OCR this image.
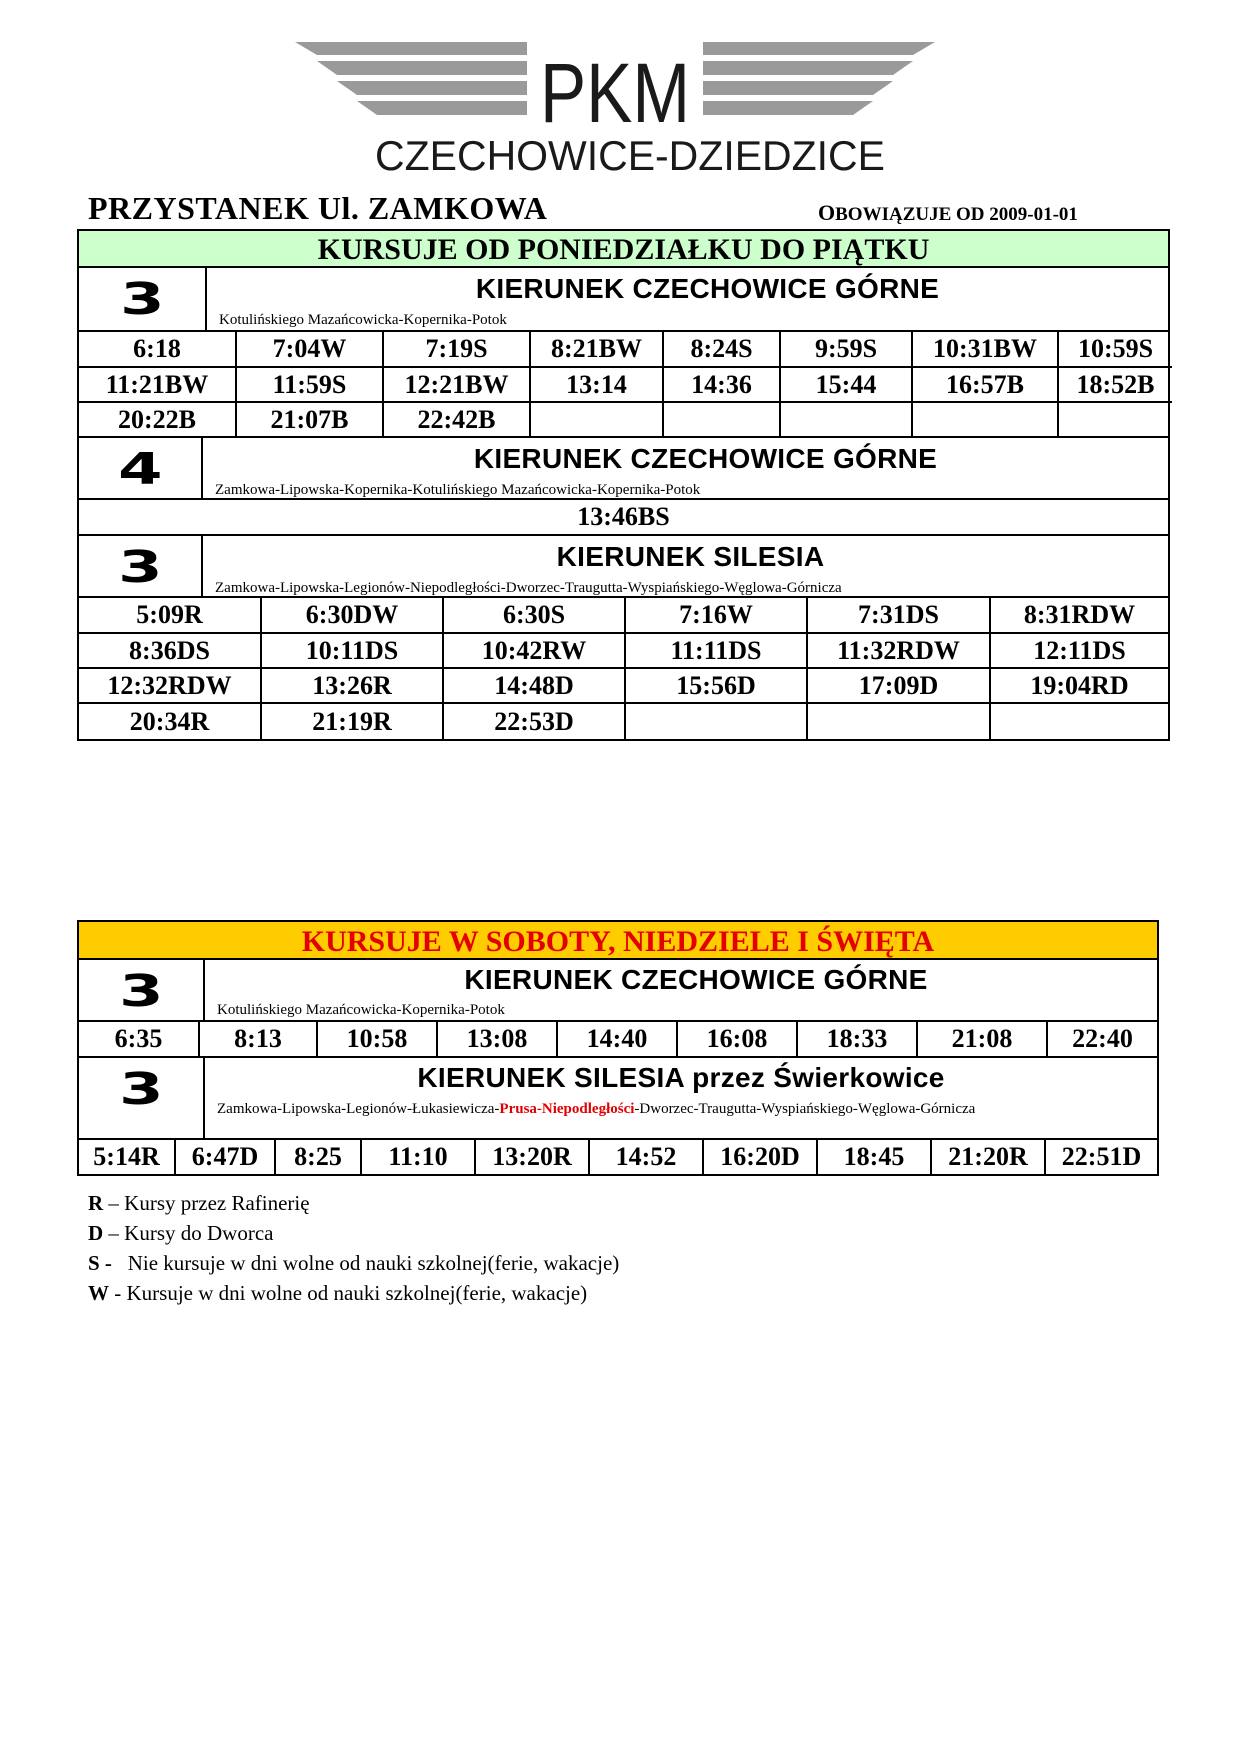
PKM
CZECHOWICE-DZIEDZICE
PRZYSTANEK Ul. ZAMKOWA	OBOWIĄZUJE OD 2009-01-01
KURSUJE OD PONIEDZIAŁKU DO PIĄTKU
3	KIERUNEK CZECHOWICE GÓRNE
Kotulińskiego Mazańcowicka-Kopernika-Potok
6:18	7:04W	7:19S	8:21BW	8:24S	9:59S	10:31BW	10:59S
11:21BW	11:59S	12:21BW	13:14	14:36	15:44	16:57B	18:52B
20:22B	21:07B	22:42B					
4	KIERUNEK CZECHOWICE GÓRNE
Zamkowa-Lipowska-Kopernika-Kotulińskiego Mazańcowicka-Kopernika-Potok
13:46BS
3	KIERUNEK SILESIA
Zamkowa-Lipowska-Legionów-Niepodległości-Dworzec-Traugutta-Wyspiańskiego-Węglowa-Górnicza
5:09R	6:30DW	6:30S	7:16W	7:31DS	8:31RDW
8:36DS	10:11DS	10:42RW	11:11DS	11:32RDW	12:11DS
12:32RDW	13:26R	14:48D	15:56D	17:09D	19:04RD
20:34R	21:19R	22:53D			
KURSUJE W SOBOTY, NIEDZIELE I ŚWIĘTA
3	KIERUNEK CZECHOWICE GÓRNE
Kotulińskiego Mazańcowicka-Kopernika-Potok
6:35	8:13	10:58	13:08	14:40	16:08	18:33	21:08	22:40
3	KIERUNEK SILESIA przez Świerkowice
Zamkowa-Lipowska-Legionów-Łukasiewicza-Prusa-Niepodległości-Dworzec-Traugutta-Wyspiańskiego-Węglowa-Górnicza
5:14R	6:47D	8:25	11:10	13:20R	14:52	16:20D	18:45	21:20R	22:51D
R – Kursy przez Rafinerię
D – Kursy do Dworca
S -   Nie kursuje w dni wolne od nauki szkolnej(ferie, wakacje)
W - Kursuje w dni wolne od nauki szkolnej(ferie, wakacje)
